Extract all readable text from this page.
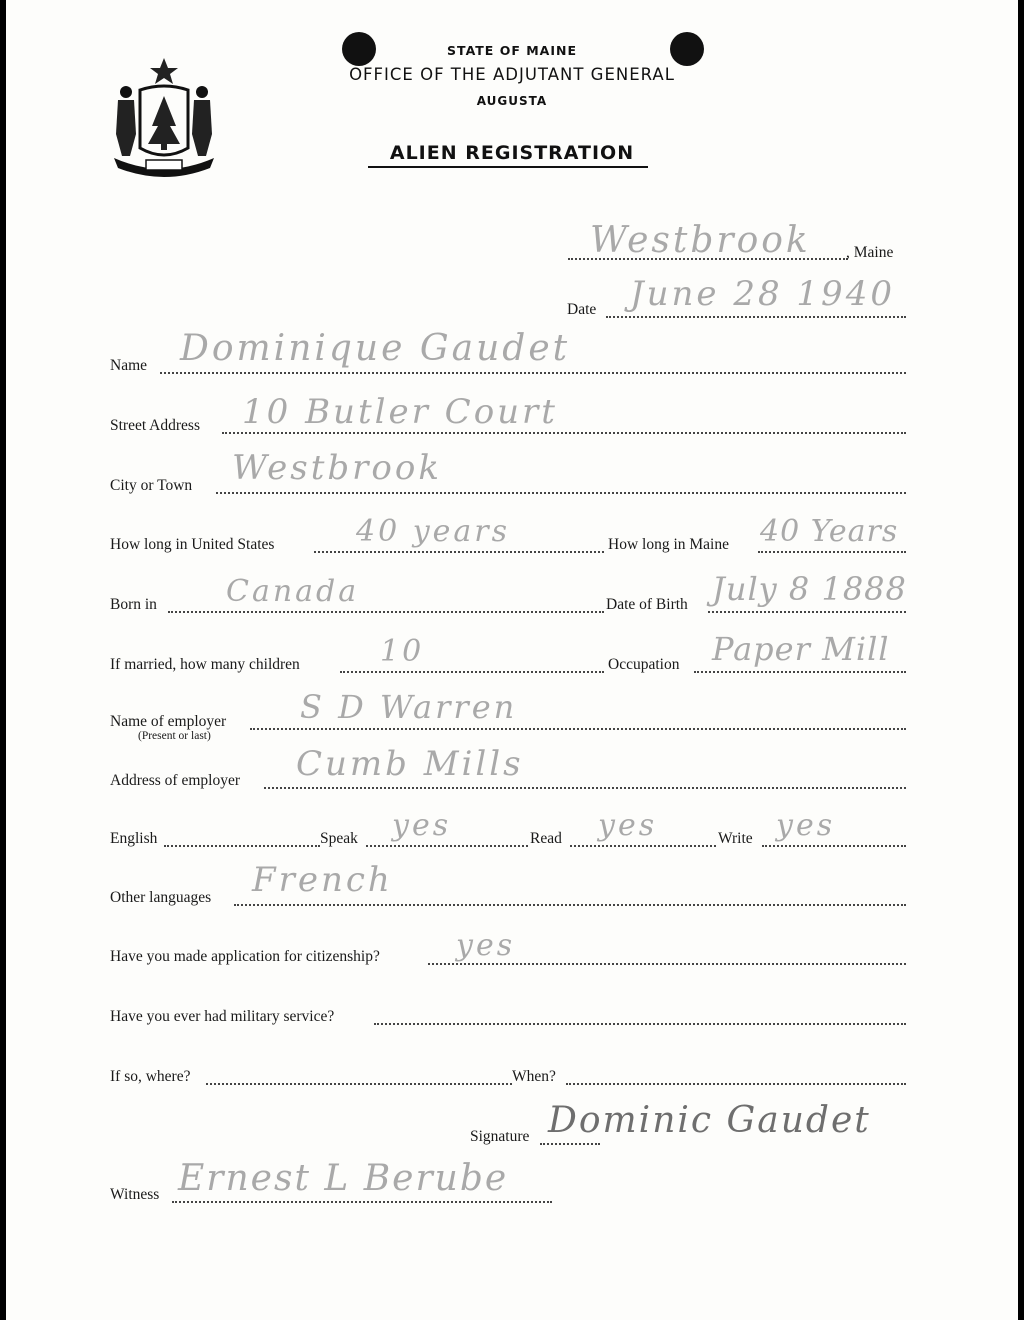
STATE OF MAINE
OFFICE OF THE ADJUTANT GENERAL
AUGUSTA
ALIEN REGISTRATION
Westbrook , Maine
Date June 28 1940
Name Dominique Gaudet
Street Address 10 Butler Court
City or Town Westbrook
How long in United States	40 years	How long in Maine 40 Years
Born in Canada	Date of Birth July 8 1888
If married, how many children	10	Occupation Paper Mill
Name of employer
(Present or last)
S D Warren
Address of employer Cumb Mills
English	Speak yes	Read yes	Write yes
Other languages French
Have you made application for citizenship?	yes
Have you ever had military service?
If so, where?	When?
Signature Dominic Gaudet
Witness Ernest L Berube
